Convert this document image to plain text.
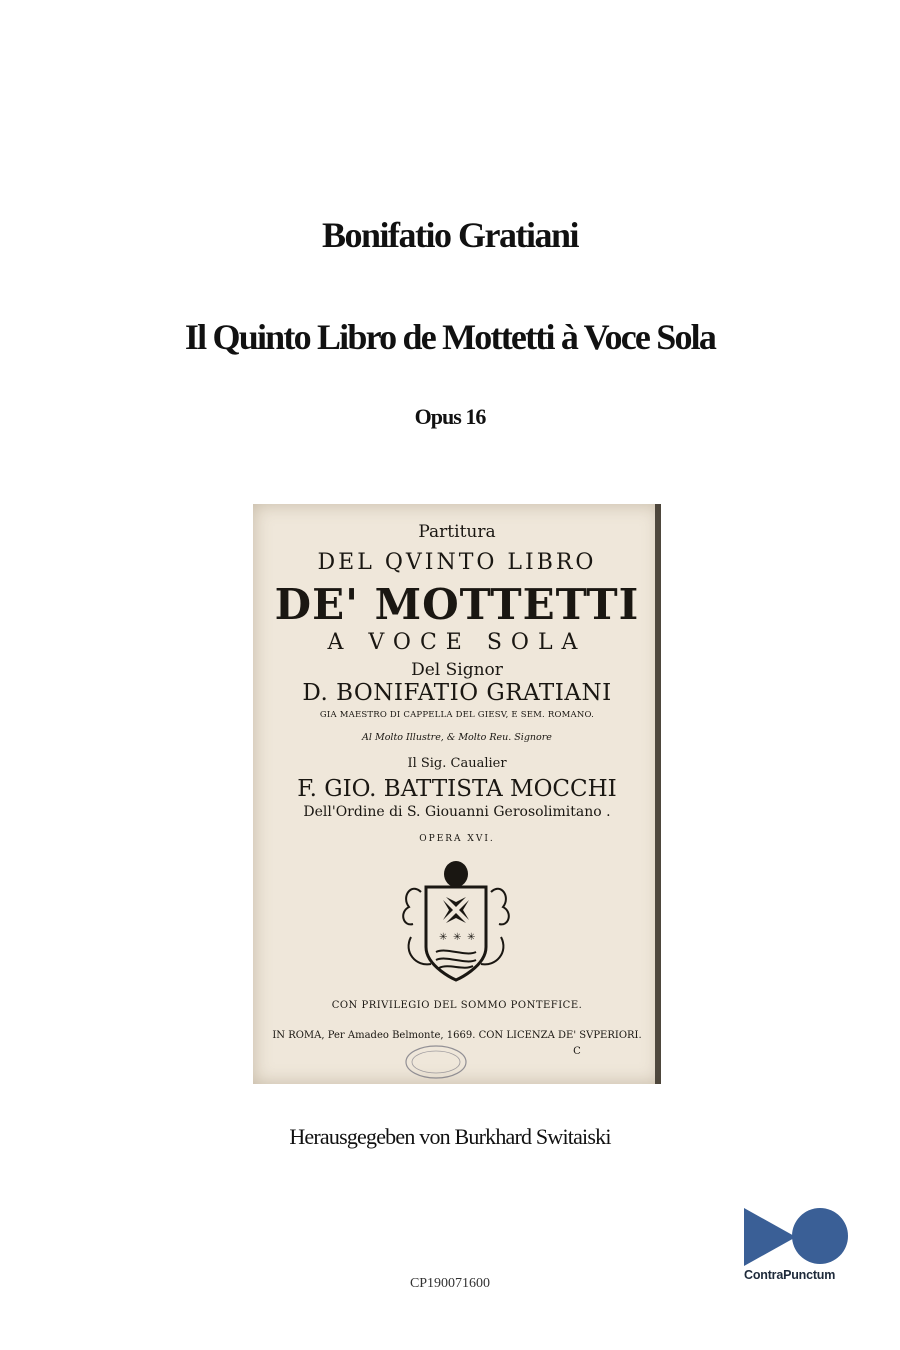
Bonifatio Gratiani
Il Quinto Libro de Mottetti à Voce Sola
Opus 16
Partitura
DEL QVINTO LIBRO
DE' MOTTETTI
A VOCE SOLA
Del Signor
D. BONIFATIO GRATIANI
GIA MAESTRO DI CAPPELLA DEL GIESV, E SEM. ROMANO.
Al Molto Illustre, & Molto Reu. Signore
Il Sig. Caualier
F. GIO. BATTISTA MOCCHI
Dell'Ordine di S. Giouanni Gerosolimitano .
OPERA XVI.
✳ ✳ ✳
CON PRIVILEGIO DEL SOMMO PONTEFICE.
IN ROMA, Per Amadeo Belmonte, 1669. CON LICENZA DE' SVPERIORI.
C
Herausgegeben von Burkhard Switaiski
ContraPunctum
CP190071600
